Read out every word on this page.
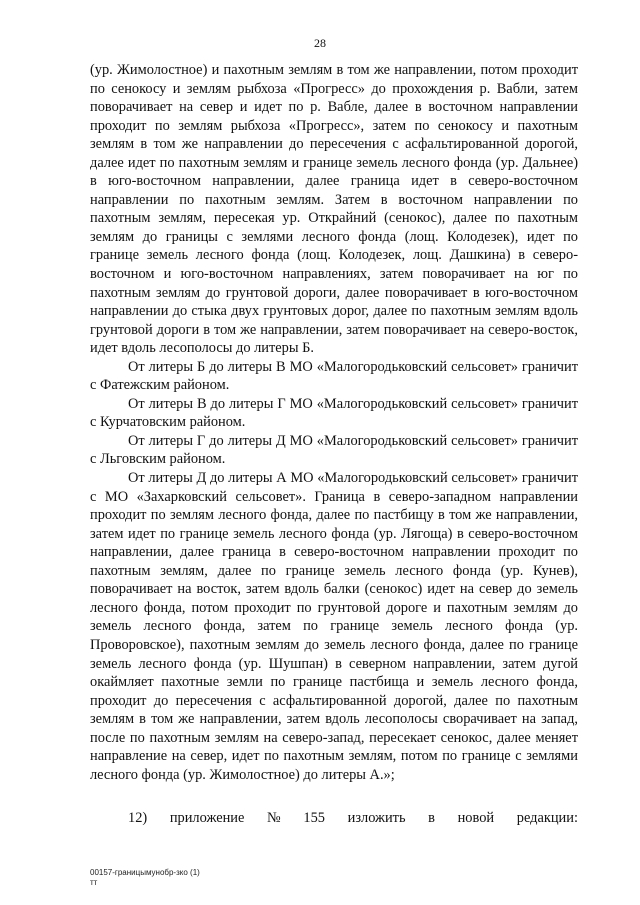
28

(ур. Жимолостное) и пахотным землям в том же направлении, потом проходит по сенокосу и землям рыбхоза «Прогресс» до прохождения р. Вабли, затем поворачивает на север и идет по р. Вабле, далее в восточном направлении проходит по землям рыбхоза «Прогресс», затем по сенокосу и пахотным землям в том же направлении до пересечения с асфальтированной дорогой, далее идет по пахотным землям и границе земель лесного фонда (ур. Дальнее) в юго-восточном направлении, далее граница идет в северо-восточном направлении по пахотным землям. Затем в восточном направлении по пахотным землям, пересекая ур. Открайний (сенокос), далее по пахотным землям до границы с землями лесного фонда (лощ. Колодезек), идет по границе земель лесного фонда (лощ. Колодезек, лощ. Дашкина) в северо-восточном и юго-восточном направлениях, затем поворачивает на юг по пахотным землям до грунтовой дороги, далее поворачивает в юго-восточном направлении до стыка двух грунтовых дорог, далее по пахотным землям вдоль грунтовой дороги в том же направлении, затем поворачивает на северо-восток, идет вдоль лесополосы до литеры Б.

От литеры Б до литеры В МО «Малогородьковский сельсовет» граничит с Фатежским районом.

От литеры В до литеры Г МО «Малогородьковский сельсовет» граничит с Курчатовским районом.

От литеры Г до литеры Д МО «Малогородьковский сельсовет» граничит с Льговским районом.

От литеры Д до литеры А МО «Малогородьковский сельсовет» граничит с МО «Захарковский сельсовет». Граница в северо-западном направлении проходит по землям лесного фонда, далее по пастбищу в том же направлении, затем идет по границе земель лесного фонда (ур. Лягоща) в северо-восточном направлении, далее граница в северо-восточном направлении проходит по пахотным землям, далее по границе земель лесного фонда (ур. Кунев), поворачивает на восток, затем вдоль балки (сенокос) идет на север до земель лесного фонда, потом проходит по грунтовой дороге и пахотным землям до земель лесного фонда, затем по границе земель лесного фонда (ур. Проворовское), пахотным землям до земель лесного фонда, далее по границе земель лесного фонда (ур. Шушпан) в северном направлении, затем дугой окаймляет пахотные земли по границе пастбища и земель лесного фонда, проходит до пересечения с асфальтированной дорогой, далее по пахотным землям в том же направлении, затем вдоль лесополосы сворачивает на запад, после по пахотным землям на северо-запад, пересекает сенокос, далее меняет направление на север, идет по пахотным землям, потом по границе с землями лесного фонда (ур. Жимолостное) до литеры А.»;

12) приложение № 155 изложить в новой редакции:

00157-границымунобр-зко (1)
тт
